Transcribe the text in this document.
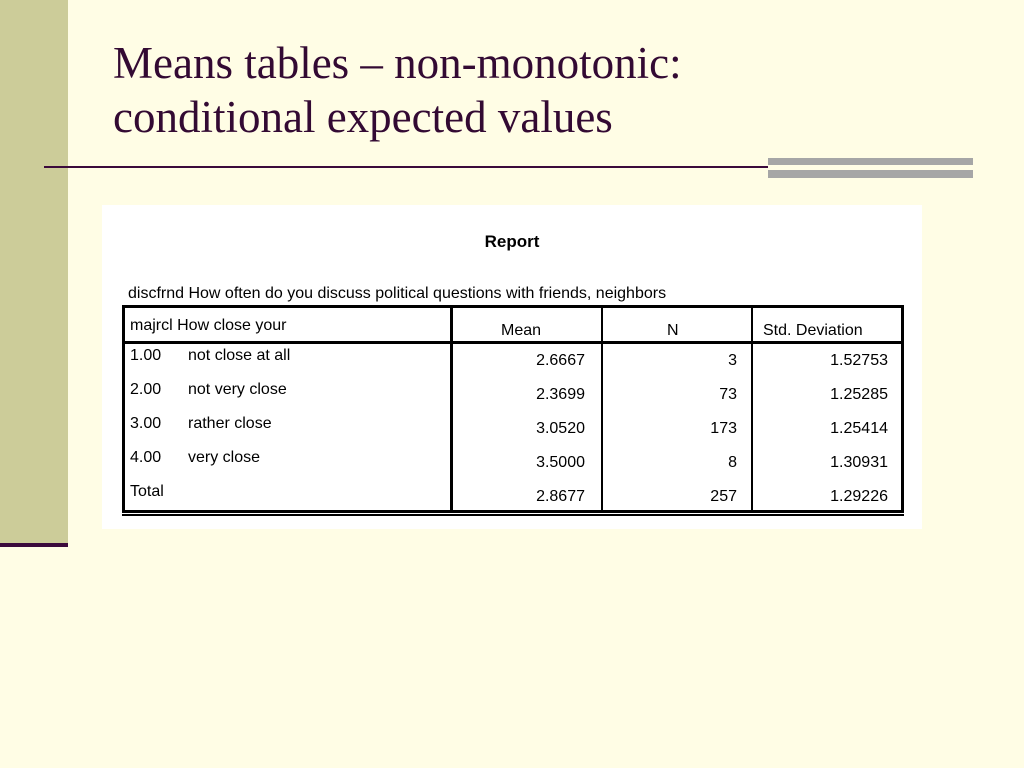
Means tables – non-monotonic:
conditional expected values
Report
discfrnd How often do you discuss political questions with friends, neighbors
majrcl How close your	Mean	N	Std. Deviation
1.00 not close at all	2.6667	3	1.52753
2.00 not very close	2.3699	73	1.25285
3.00 rather close	3.0520	173	1.25414
4.00 very close	3.5000	8	1.30931
Total	2.8677	257	1.29226
